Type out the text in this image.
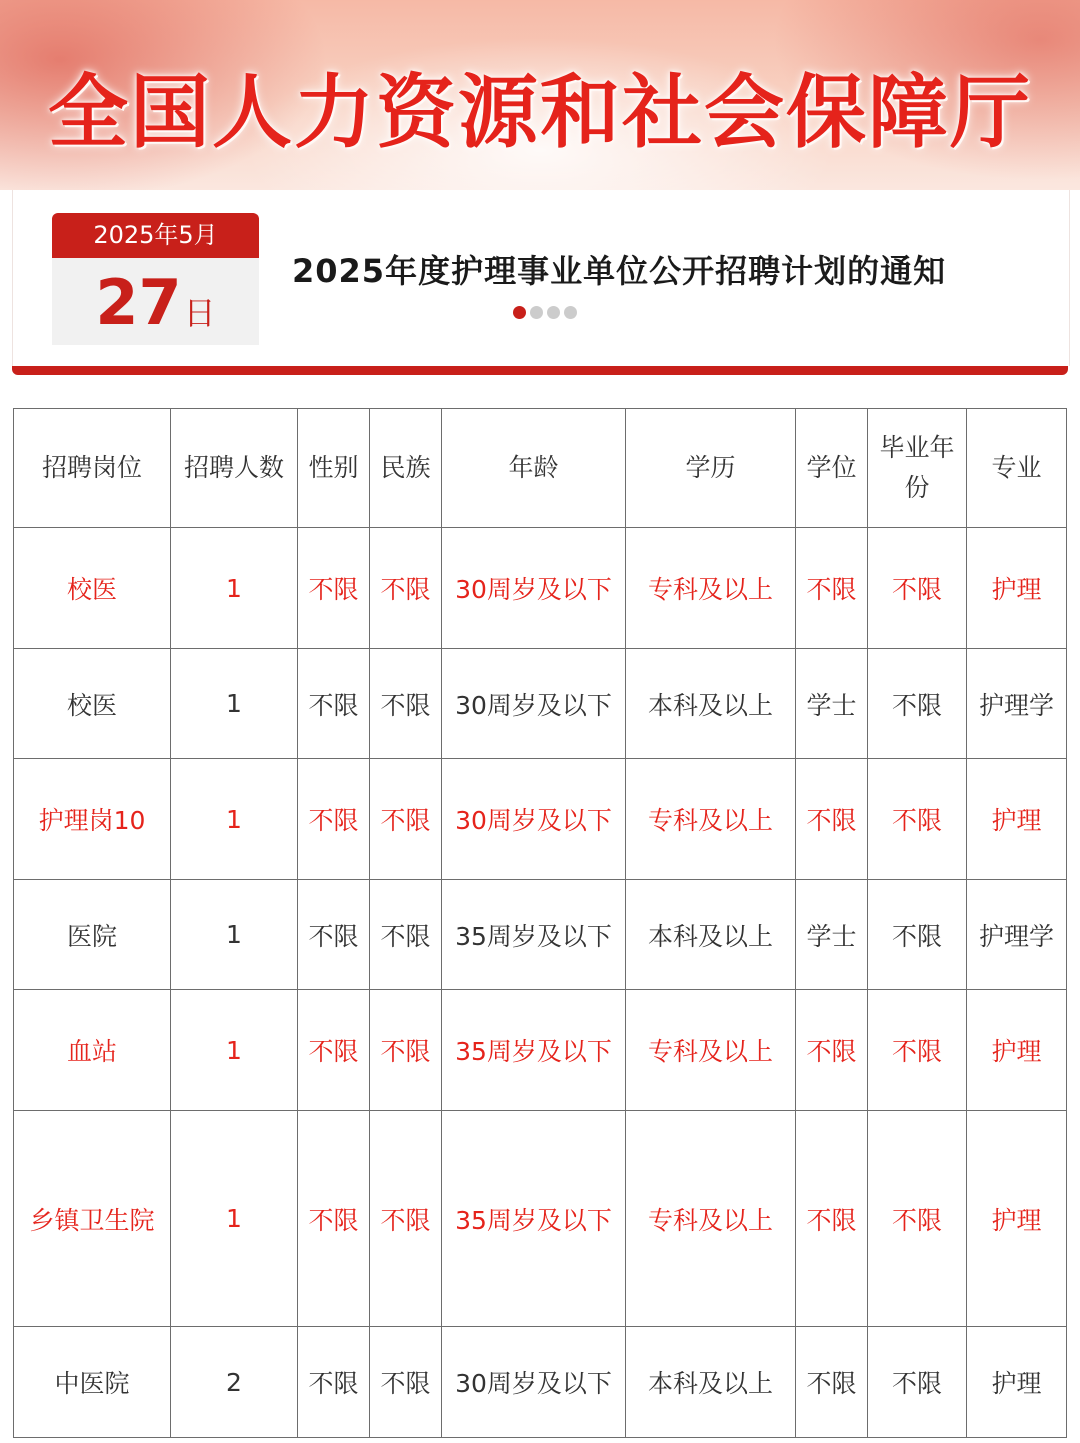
全国人力资源和社会保障厅
2025年5月
27日
2025年度护理事业单位公开招聘计划的通知
招聘岗位	招聘人数	性别	民族	年龄	学历	学位	毕业年份	专业
校医	1	不限	不限	30周岁及以下	专科及以上	不限	不限	护理
校医	1	不限	不限	30周岁及以下	本科及以上	学士	不限	护理学
护理岗10	1	不限	不限	30周岁及以下	专科及以上	不限	不限	护理
医院	1	不限	不限	35周岁及以下	本科及以上	学士	不限	护理学
血站	1	不限	不限	35周岁及以下	专科及以上	不限	不限	护理
乡镇卫生院	1	不限	不限	35周岁及以下	专科及以上	不限	不限	护理
中医院	2	不限	不限	30周岁及以下	本科及以上	不限	不限	护理
